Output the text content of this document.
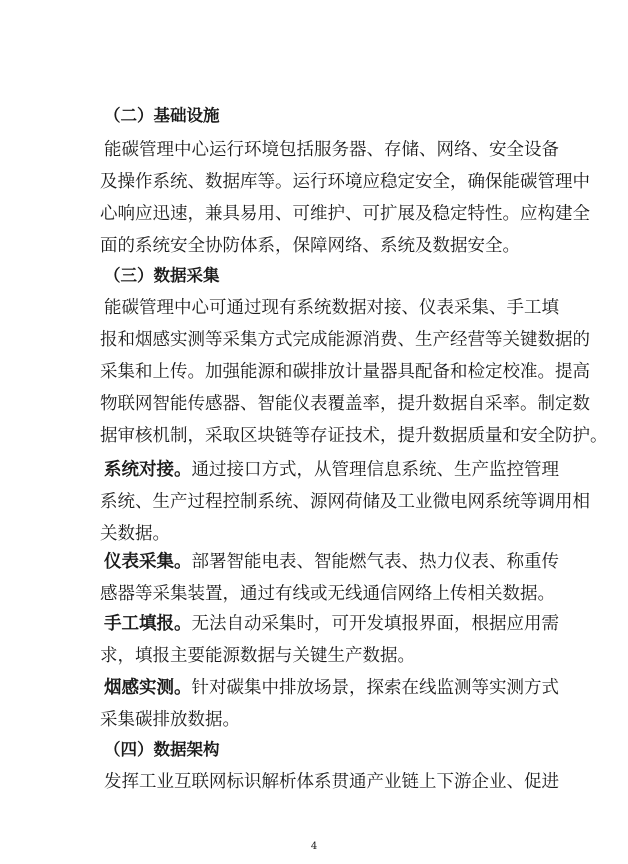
（二）基础设施
能碳管理中心运行环境包括服务器、存储、网络、安全设备
及操作系统、数据库等。运行环境应稳定安全，确保能碳管理中
心响应迅速，兼具易用、可维护、可扩展及稳定特性。应构建全
面的系统安全协防体系，保障网络、系统及数据安全。
（三）数据采集
能碳管理中心可通过现有系统数据对接、仪表采集、手工填
报和烟感实测等采集方式完成能源消费、生产经营等关键数据的
采集和上传。加强能源和碳排放计量器具配备和检定校准。提高
物联网智能传感器、智能仪表覆盖率，提升数据自采率。制定数
据审核机制，采取区块链等存证技术，提升数据质量和安全防护。
系统对接。通过接口方式，从管理信息系统、生产监控管理
系统、生产过程控制系统、源网荷储及工业微电网系统等调用相
关数据。
仪表采集。部署智能电表、智能燃气表、热力仪表、称重传
感器等采集装置，通过有线或无线通信网络上传相关数据。
手工填报。无法自动采集时，可开发填报界面，根据应用需
求，填报主要能源数据与关键生产数据。
烟感实测。针对碳集中排放场景，探索在线监测等实测方式
采集碳排放数据。
（四）数据架构
发挥工业互联网标识解析体系贯通产业链上下游企业、促进
4
